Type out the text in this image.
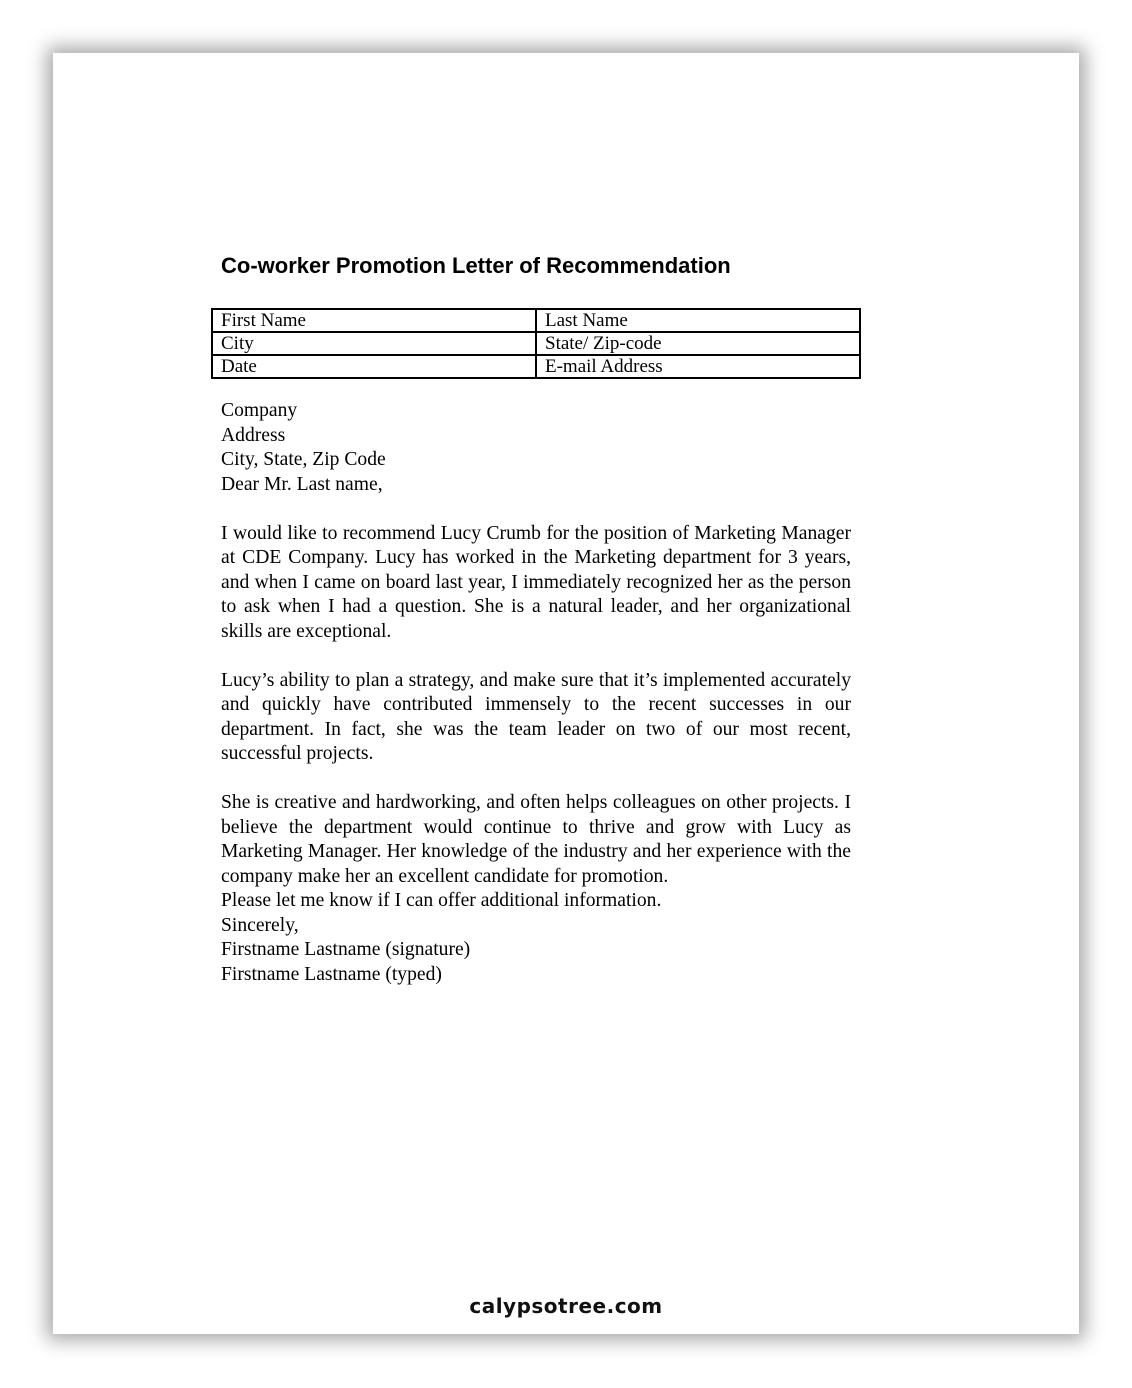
Co-worker Promotion Letter of Recommendation
First Name	Last Name
City	State/ Zip-code
Date	E-mail Address
Company
Address
City, State, Zip Code
Dear Mr. Last name,

I would like to recommend Lucy Crumb for the position of Marketing Manager at CDE Company. Lucy has worked in the Marketing department for 3 years, and when I came on board last year, I immediately recognized her as the person to ask when I had a question. She is a natural leader, and her organizational skills are exceptional.

Lucy’s ability to plan a strategy, and make sure that it’s implemented accurately and quickly have contributed immensely to the recent successes in our department. In fact, she was the team leader on two of our most recent, successful projects.

She is creative and hardworking, and often helps colleagues on other projects. I believe the department would continue to thrive and grow with Lucy as Marketing Manager. Her knowledge of the industry and her experience with the company make her an excellent candidate for promotion.

Please let me know if I can offer additional information.
Sincerely,
Firstname Lastname (signature)
Firstname Lastname (typed)
calypsotree.com
